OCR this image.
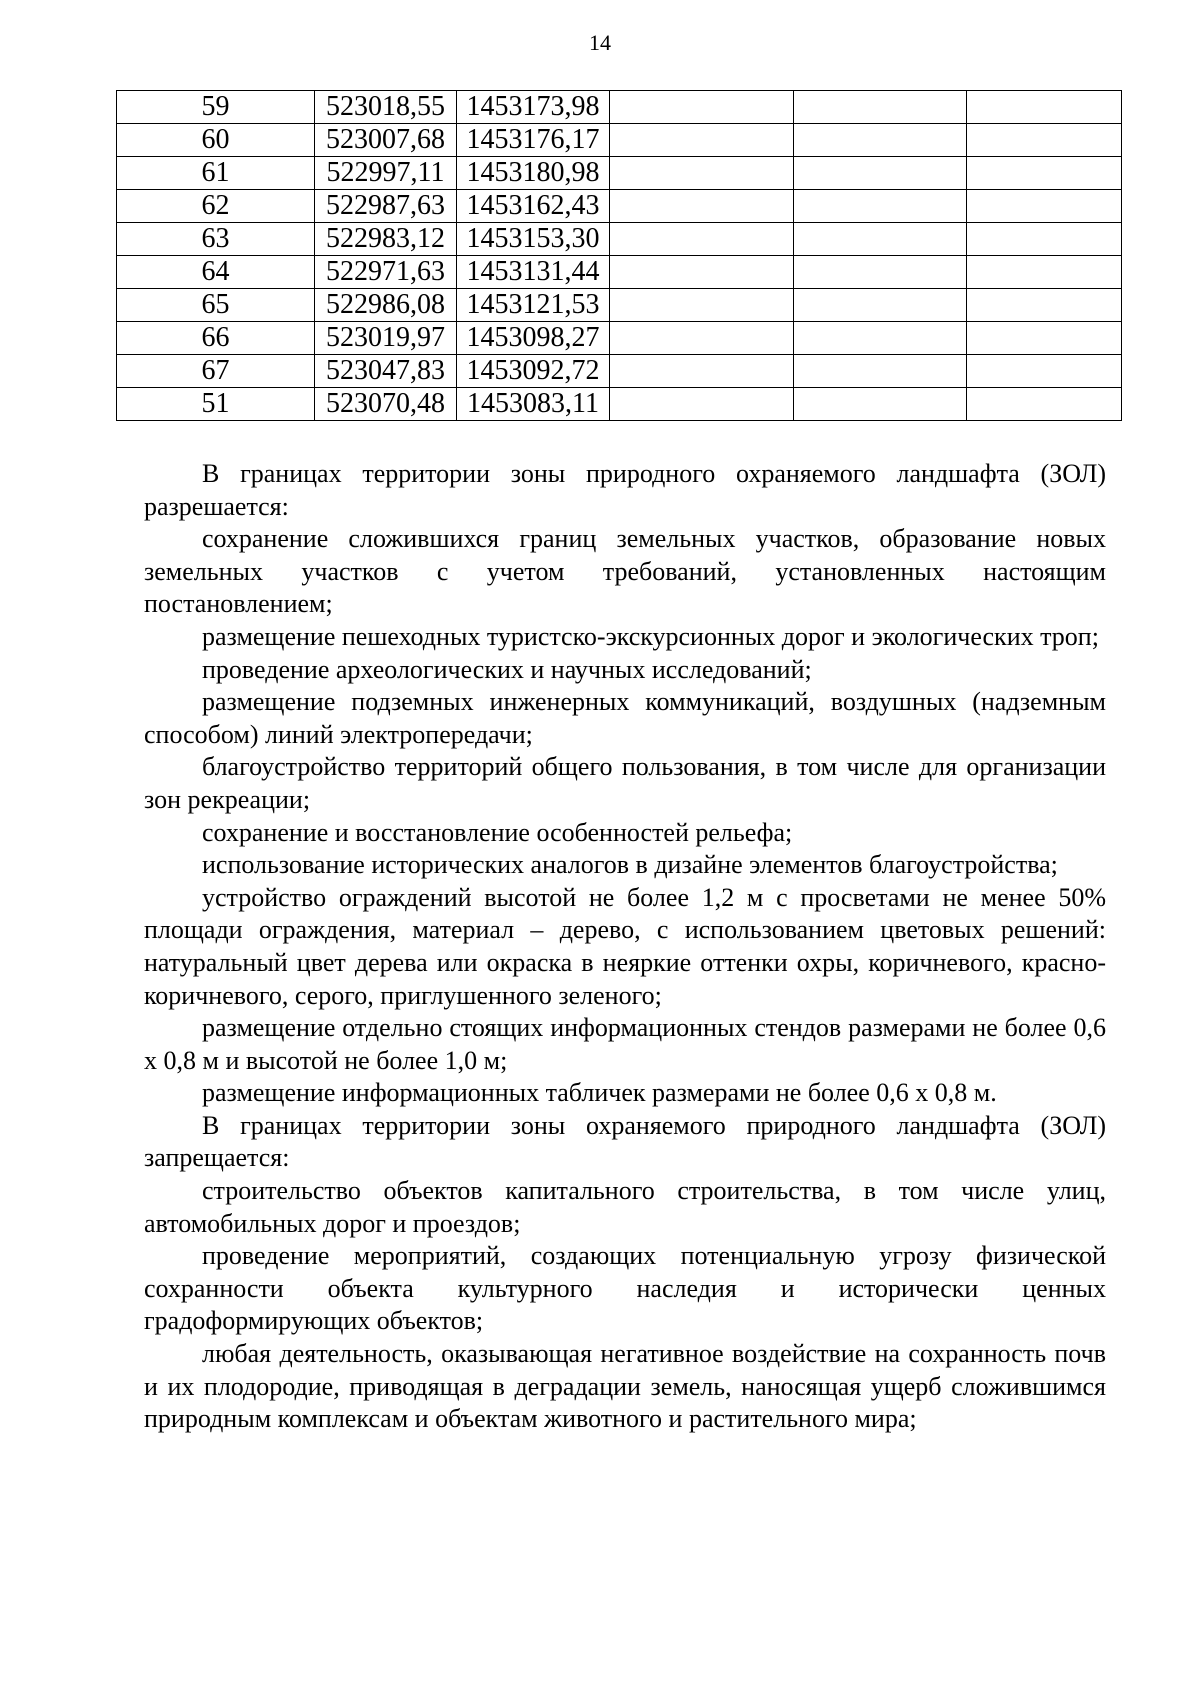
14
59	523018,55	1453173,98			
60	523007,68	1453176,17			
61	522997,11	1453180,98			
62	522987,63	1453162,43			
63	522983,12	1453153,30			
64	522971,63	1453131,44			
65	522986,08	1453121,53			
66	523019,97	1453098,27			
67	523047,83	1453092,72			
51	523070,48	1453083,11			

В границах территории зоны природного охраняемого ландшафта (ЗОЛ) разрешается:

сохранение сложившихся границ земельных участков, образование новых земельных участков с учетом требований, установленных настоящим постановлением;

размещение пешеходных туристско-экскурсионных дорог и экологических троп;

проведение археологических и научных исследований;

размещение подземных инженерных коммуникаций, воздушных (надземным способом) линий электропередачи;

благоустройство территорий общего пользования, в том числе для организации зон рекреации;

сохранение и восстановление особенностей рельефа;

использование исторических аналогов в дизайне элементов благоустройства;

устройство ограждений высотой не более 1,2 м с просветами не менее 50% площади ограждения, материал – дерево, с использованием цветовых решений: натуральный цвет дерева или окраска в неяркие оттенки охры, коричневого, красно-коричневого, серого, приглушенного зеленого;

размещение отдельно стоящих информационных стендов размерами не более 0,6 х 0,8 м и высотой не более 1,0 м;

размещение информационных табличек размерами не более 0,6 х 0,8 м.

В границах территории зоны охраняемого природного ландшафта (ЗОЛ) запрещается:

строительство объектов капитального строительства, в том числе улиц, автомобильных дорог и проездов;

проведение мероприятий, создающих потенциальную угрозу физической сохранности объекта культурного наследия и исторически ценных градоформирующих объектов;

любая деятельность, оказывающая негативное воздействие на сохранность почв и их плодородие, приводящая в деградации земель, наносящая ущерб сложившимся природным комплексам и объектам животного и растительного мира;
